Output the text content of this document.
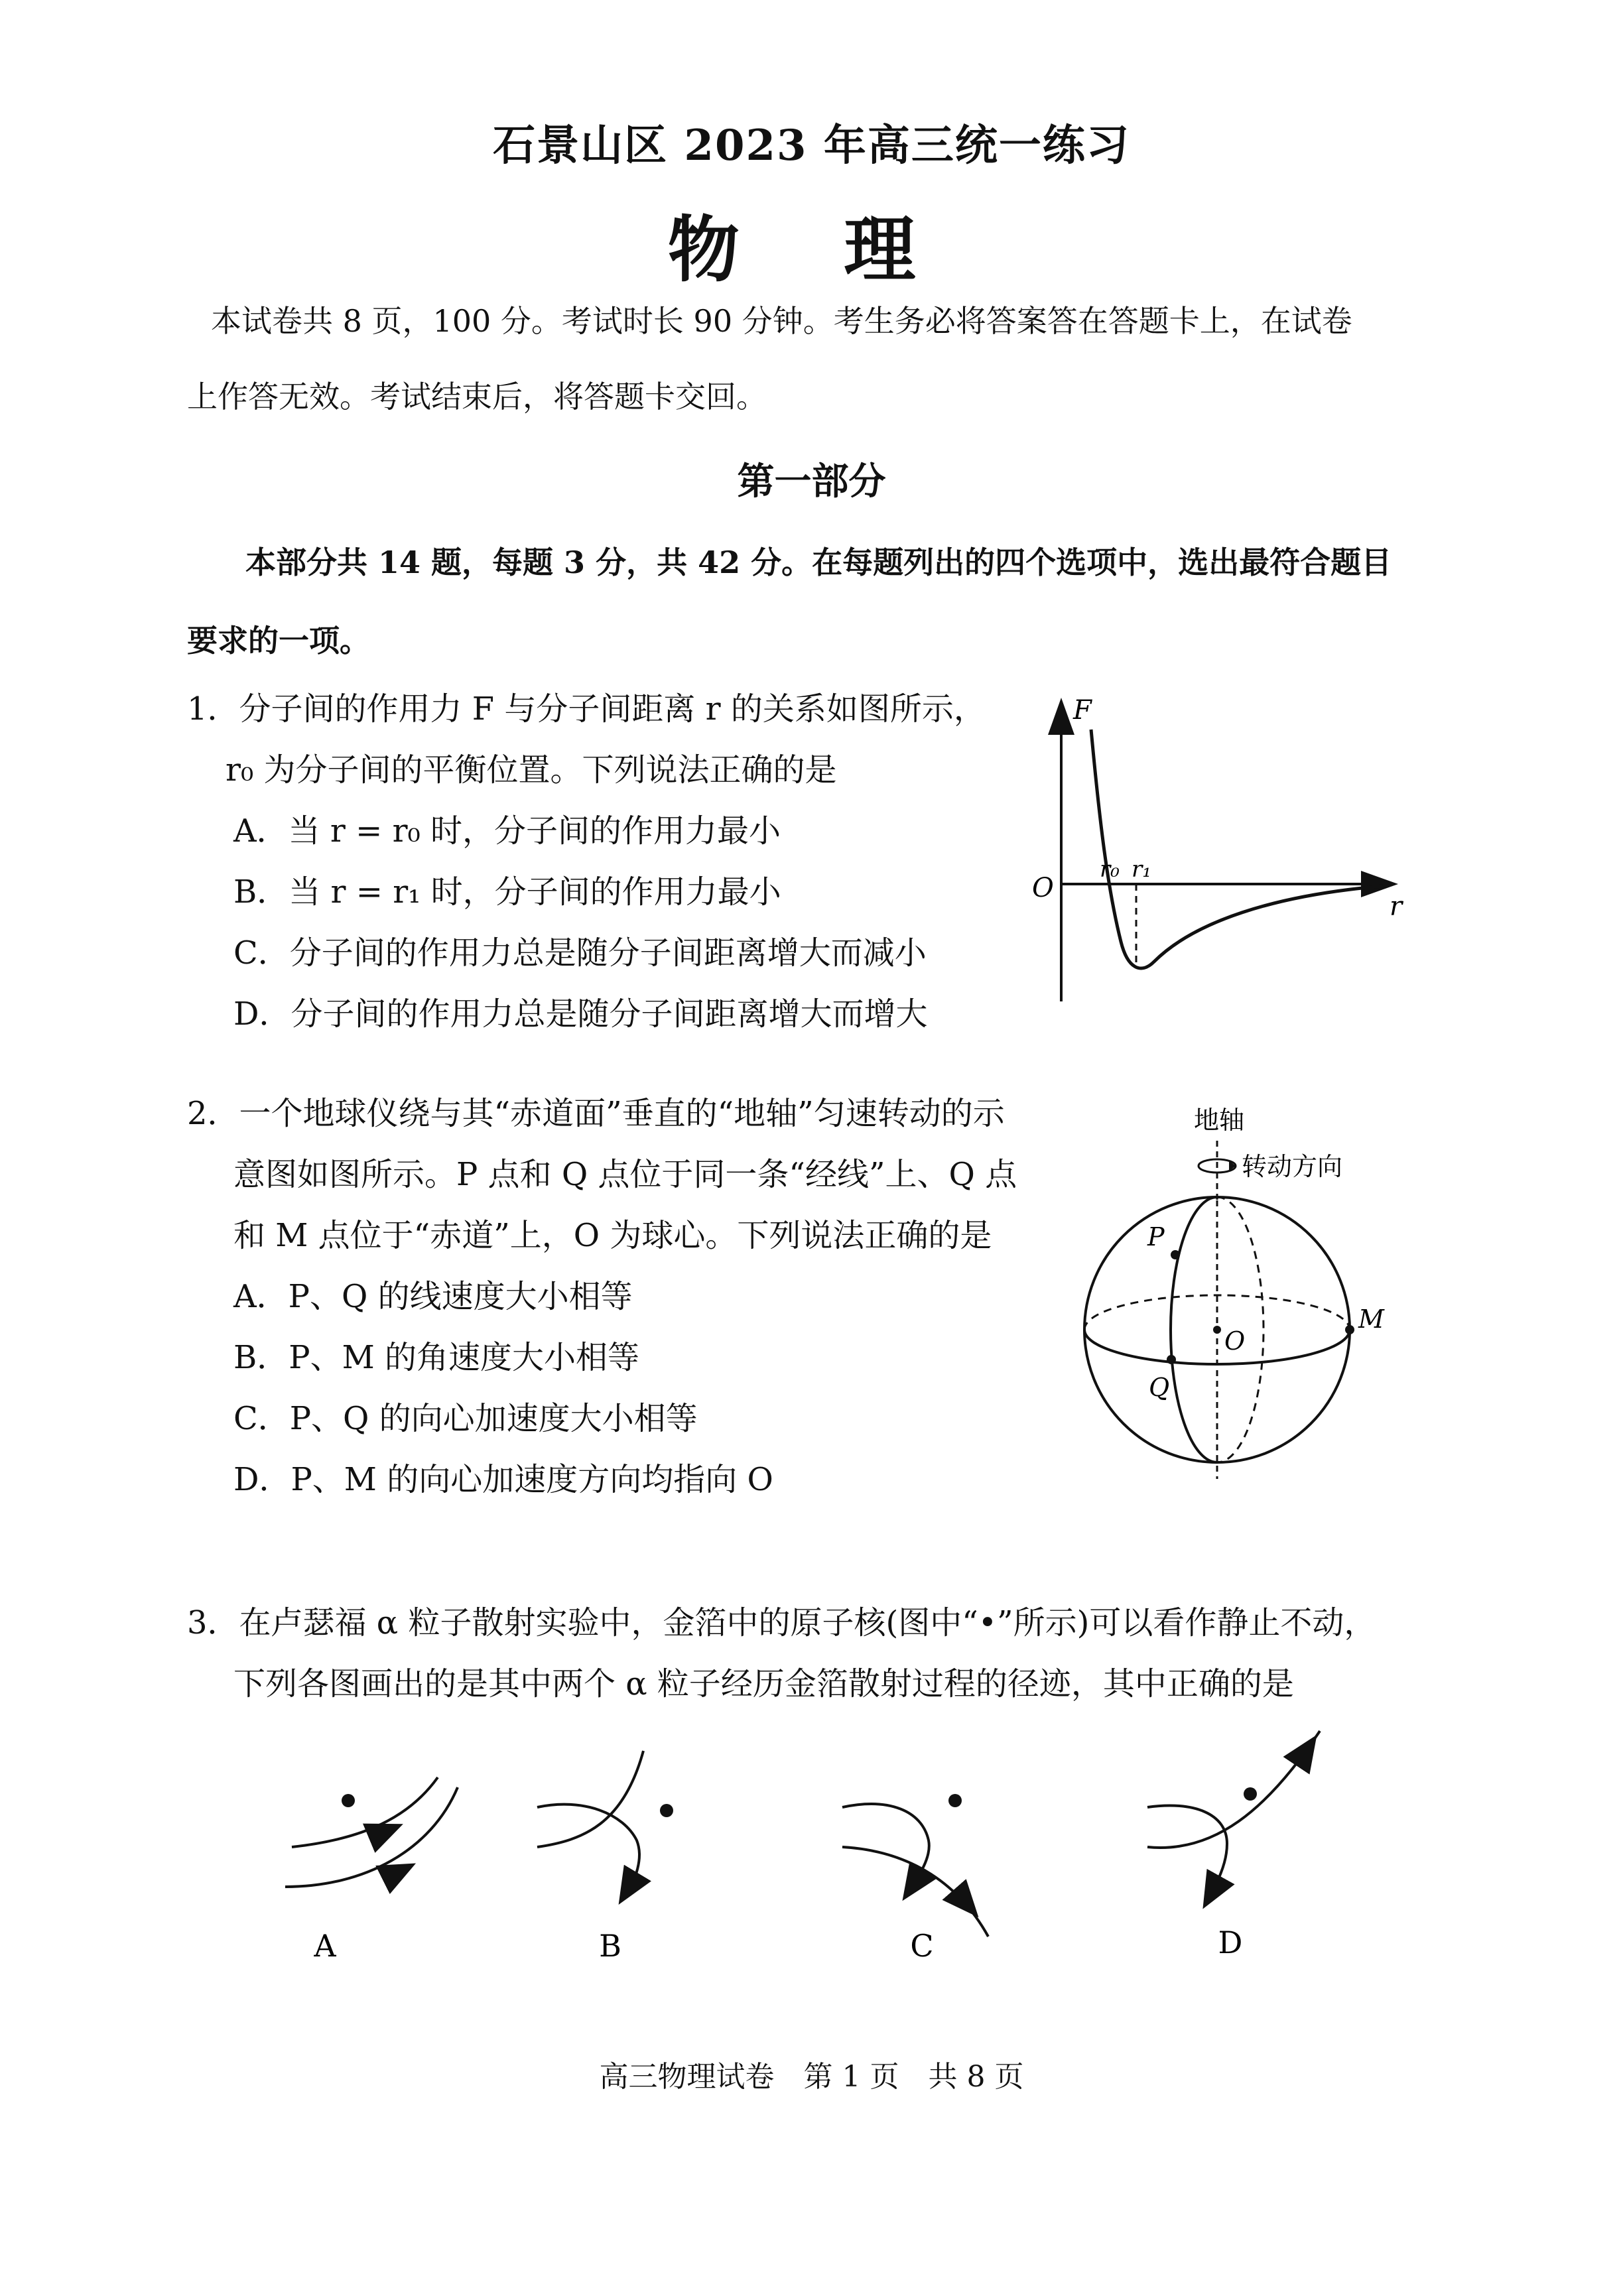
石景山区 2023 年高三统一练习
物 理
本试卷共 8 页，100 分。考试时长 90 分钟。考生务必将答案答在答题卡上，在试卷
上作答无效。考试结束后，将答题卡交回。
第一部分
本部分共 14 题，每题 3 分，共 42 分。在每题列出的四个选项中，选出最符合题目
要求的一项。
1．分子间的作用力 F 与分子间距离 r 的关系如图所示，
r₀ 为分子间的平衡位置。下列说法正确的是
A．当 r = r₀ 时，分子间的作用力最小
B．当 r = r₁ 时，分子间的作用力最小
C．分子间的作用力总是随分子间距离增大而减小
D．分子间的作用力总是随分子间距离增大而增大
F
r
O
r₀ r₁
2．一个地球仪绕与其“赤道面”垂直的“地轴”匀速转动的示
意图如图所示。P 点和 Q 点位于同一条“经线”上、Q 点
和 M 点位于“赤道”上，O 为球心。下列说法正确的是
A．P、Q 的线速度大小相等
B．P、M 的角速度大小相等
C．P、Q 的向心加速度大小相等
D．P、M 的向心加速度方向均指向 O
地轴
转动方向
P
Q
O
M
3．在卢瑟福 α 粒子散射实验中，金箔中的原子核(图中“•”所示)可以看作静止不动，
下列各图画出的是其中两个 α 粒子经历金箔散射过程的径迹，其中正确的是
A	B	C	D
高三物理试卷　第 1 页　共 8 页
